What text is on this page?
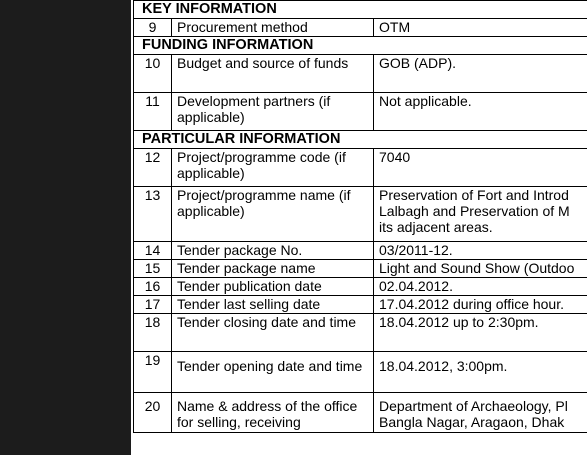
KEY INFORMATION		
9	Procurement method	OTM
FUNDING INFORMATION		
10	Budget and source of funds	GOB (ADP).
11	Development partners (if applicable)	Not applicable.
PARTICULAR INFORMATION		
12	Project/programme code (if applicable)	7040
13	Project/programme name (if applicable)	Preservation of Fort and Introd
Lalbagh and Preservation of M
its adjacent areas.

14	Tender package No.	03/2011-12.
15	Tender package name	Light and Sound Show (Outdoo
16	Tender publication date	02.04.2012.
17	Tender last selling date	17.04.2012 during office hour.
18	Tender closing date and time	18.04.2012 up to 2:30pm.
19	Tender opening date and time	18.04.2012, 3:00pm.
20	Name & address of the office for selling, receiving	Department of Archaeology, Pl
Bangla Nagar, Aragaon, Dhak
